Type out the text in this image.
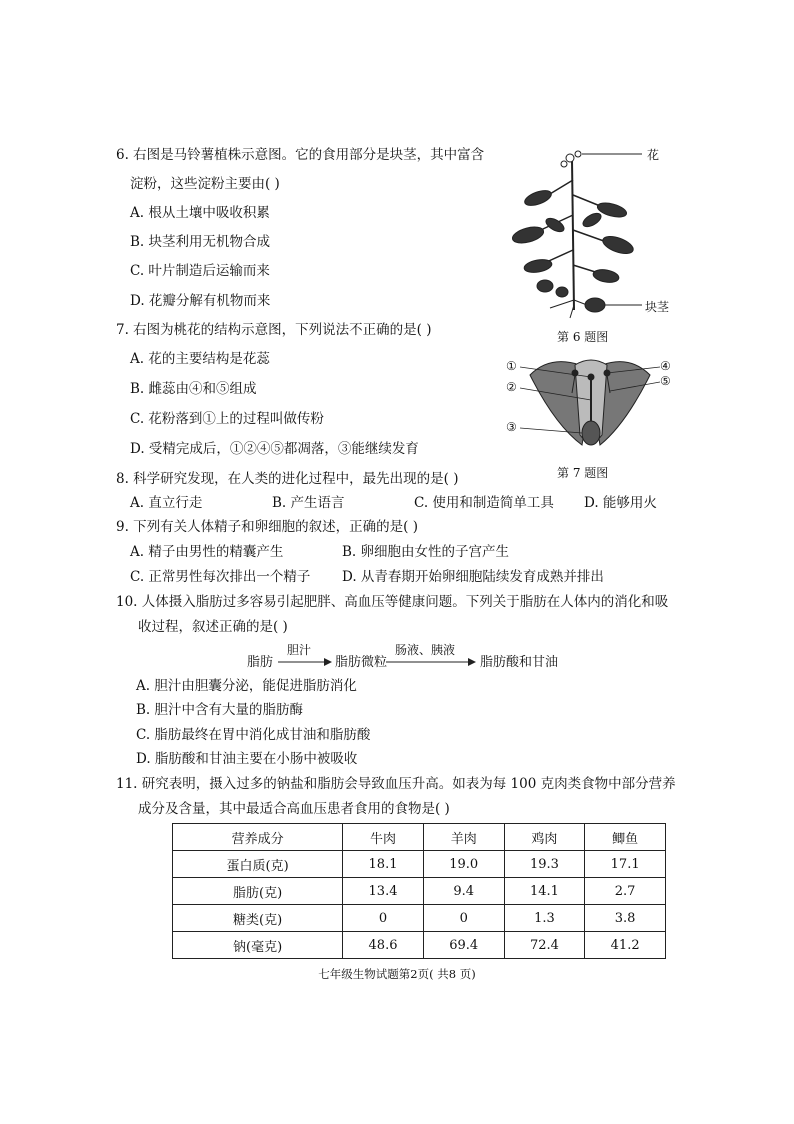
6. 右图是马铃薯植株示意图。它的食用部分是块茎，其中富含
淀粉，这些淀粉主要由( )
A. 根从土壤中吸收积累
B. 块茎利用无机物合成
C. 叶片制造后运输而来
D. 花瓣分解有机物而来
花
块茎
第 6 题图
7. 右图为桃花的结构示意图，下列说法不正确的是( )
A. 花的主要结构是花蕊
B. 雌蕊由④和⑤组成
C. 花粉落到①上的过程叫做传粉
D. 受精完成后，①②④⑤都凋落，③能继续发育
①
②
③
④
⑤
第 7 题图
8. 科学研究发现，在人类的进化过程中，最先出现的是( )
A. 直立行走	B. 产生语言	C. 使用和制造简单工具 D. 能够用火
9. 下列有关人体精子和卵细胞的叙述，正确的是( )
A. 精子由男性的精囊产生	B. 卵细胞由女性的子宫产生
C. 正常男性每次排出一个精子 D. 从青春期开始卵细胞陆续发育成熟并排出
10. 人体摄入脂肪过多容易引起肥胖、高血压等健康问题。下列关于脂肪在人体内的消化和吸
收过程，叙述正确的是( )
脂肪
胆汁
脂肪微粒
肠液、胰液
脂肪酸和甘油
A. 胆汁由胆囊分泌，能促进脂肪消化
B. 胆汁中含有大量的脂肪酶
C. 脂肪最终在胃中消化成甘油和脂肪酸
D. 脂肪酸和甘油主要在小肠中被吸收
11. 研究表明，摄入过多的钠盐和脂肪会导致血压升高。如表为每 100 克肉类食物中部分营养
成分及含量，其中最适合高血压患者食用的食物是( )
营养成分	牛肉	羊肉	鸡肉	鲫鱼
蛋白质(克)	18.1	19.0	19.3	17.1
脂肪(克)	13.4	9.4	14.1	2.7
糖类(克)	0	0	1.3	3.8
钠(毫克)	48.6	69.4	72.4	41.2
七年级生物试题第2页( 共8 页)
